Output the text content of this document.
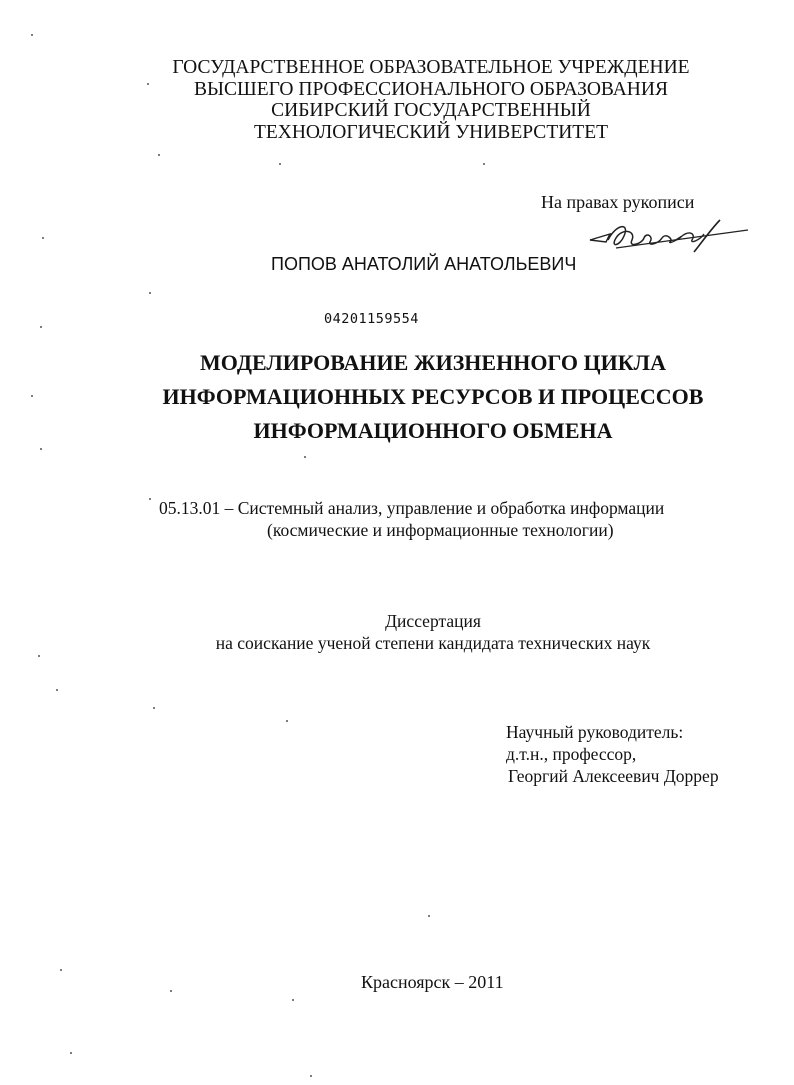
ГОСУДАРСТВЕННОЕ ОБРАЗОВАТЕЛЬНОЕ УЧРЕЖДЕНИЕ
ВЫСШЕГО ПРОФЕССИОНАЛЬНОГО ОБРАЗОВАНИЯ
СИБИРСКИЙ ГОСУДАРСТВЕННЫЙ
ТЕХНОЛОГИЧЕСКИЙ УНИВЕРСТИТЕТ
На правах рукописи
ПОПОВ АНАТОЛИЙ АНАТОЛЬЕВИЧ
04201159554
МОДЕЛИРОВАНИЕ ЖИЗНЕННОГО ЦИКЛА
ИНФОРМАЦИОННЫХ РЕСУРСОВ И ПРОЦЕССОВ
ИНФОРМАЦИОННОГО ОБМЕНА
05.13.01 – Системный анализ, управление и обработка информации
(космические и информационные технологии)
Диссертация
на соискание ученой степени кандидата технических наук
Научный руководитель:
д.т.н., профессор,
Георгий Алексеевич Доррер
Красноярск – 2011
